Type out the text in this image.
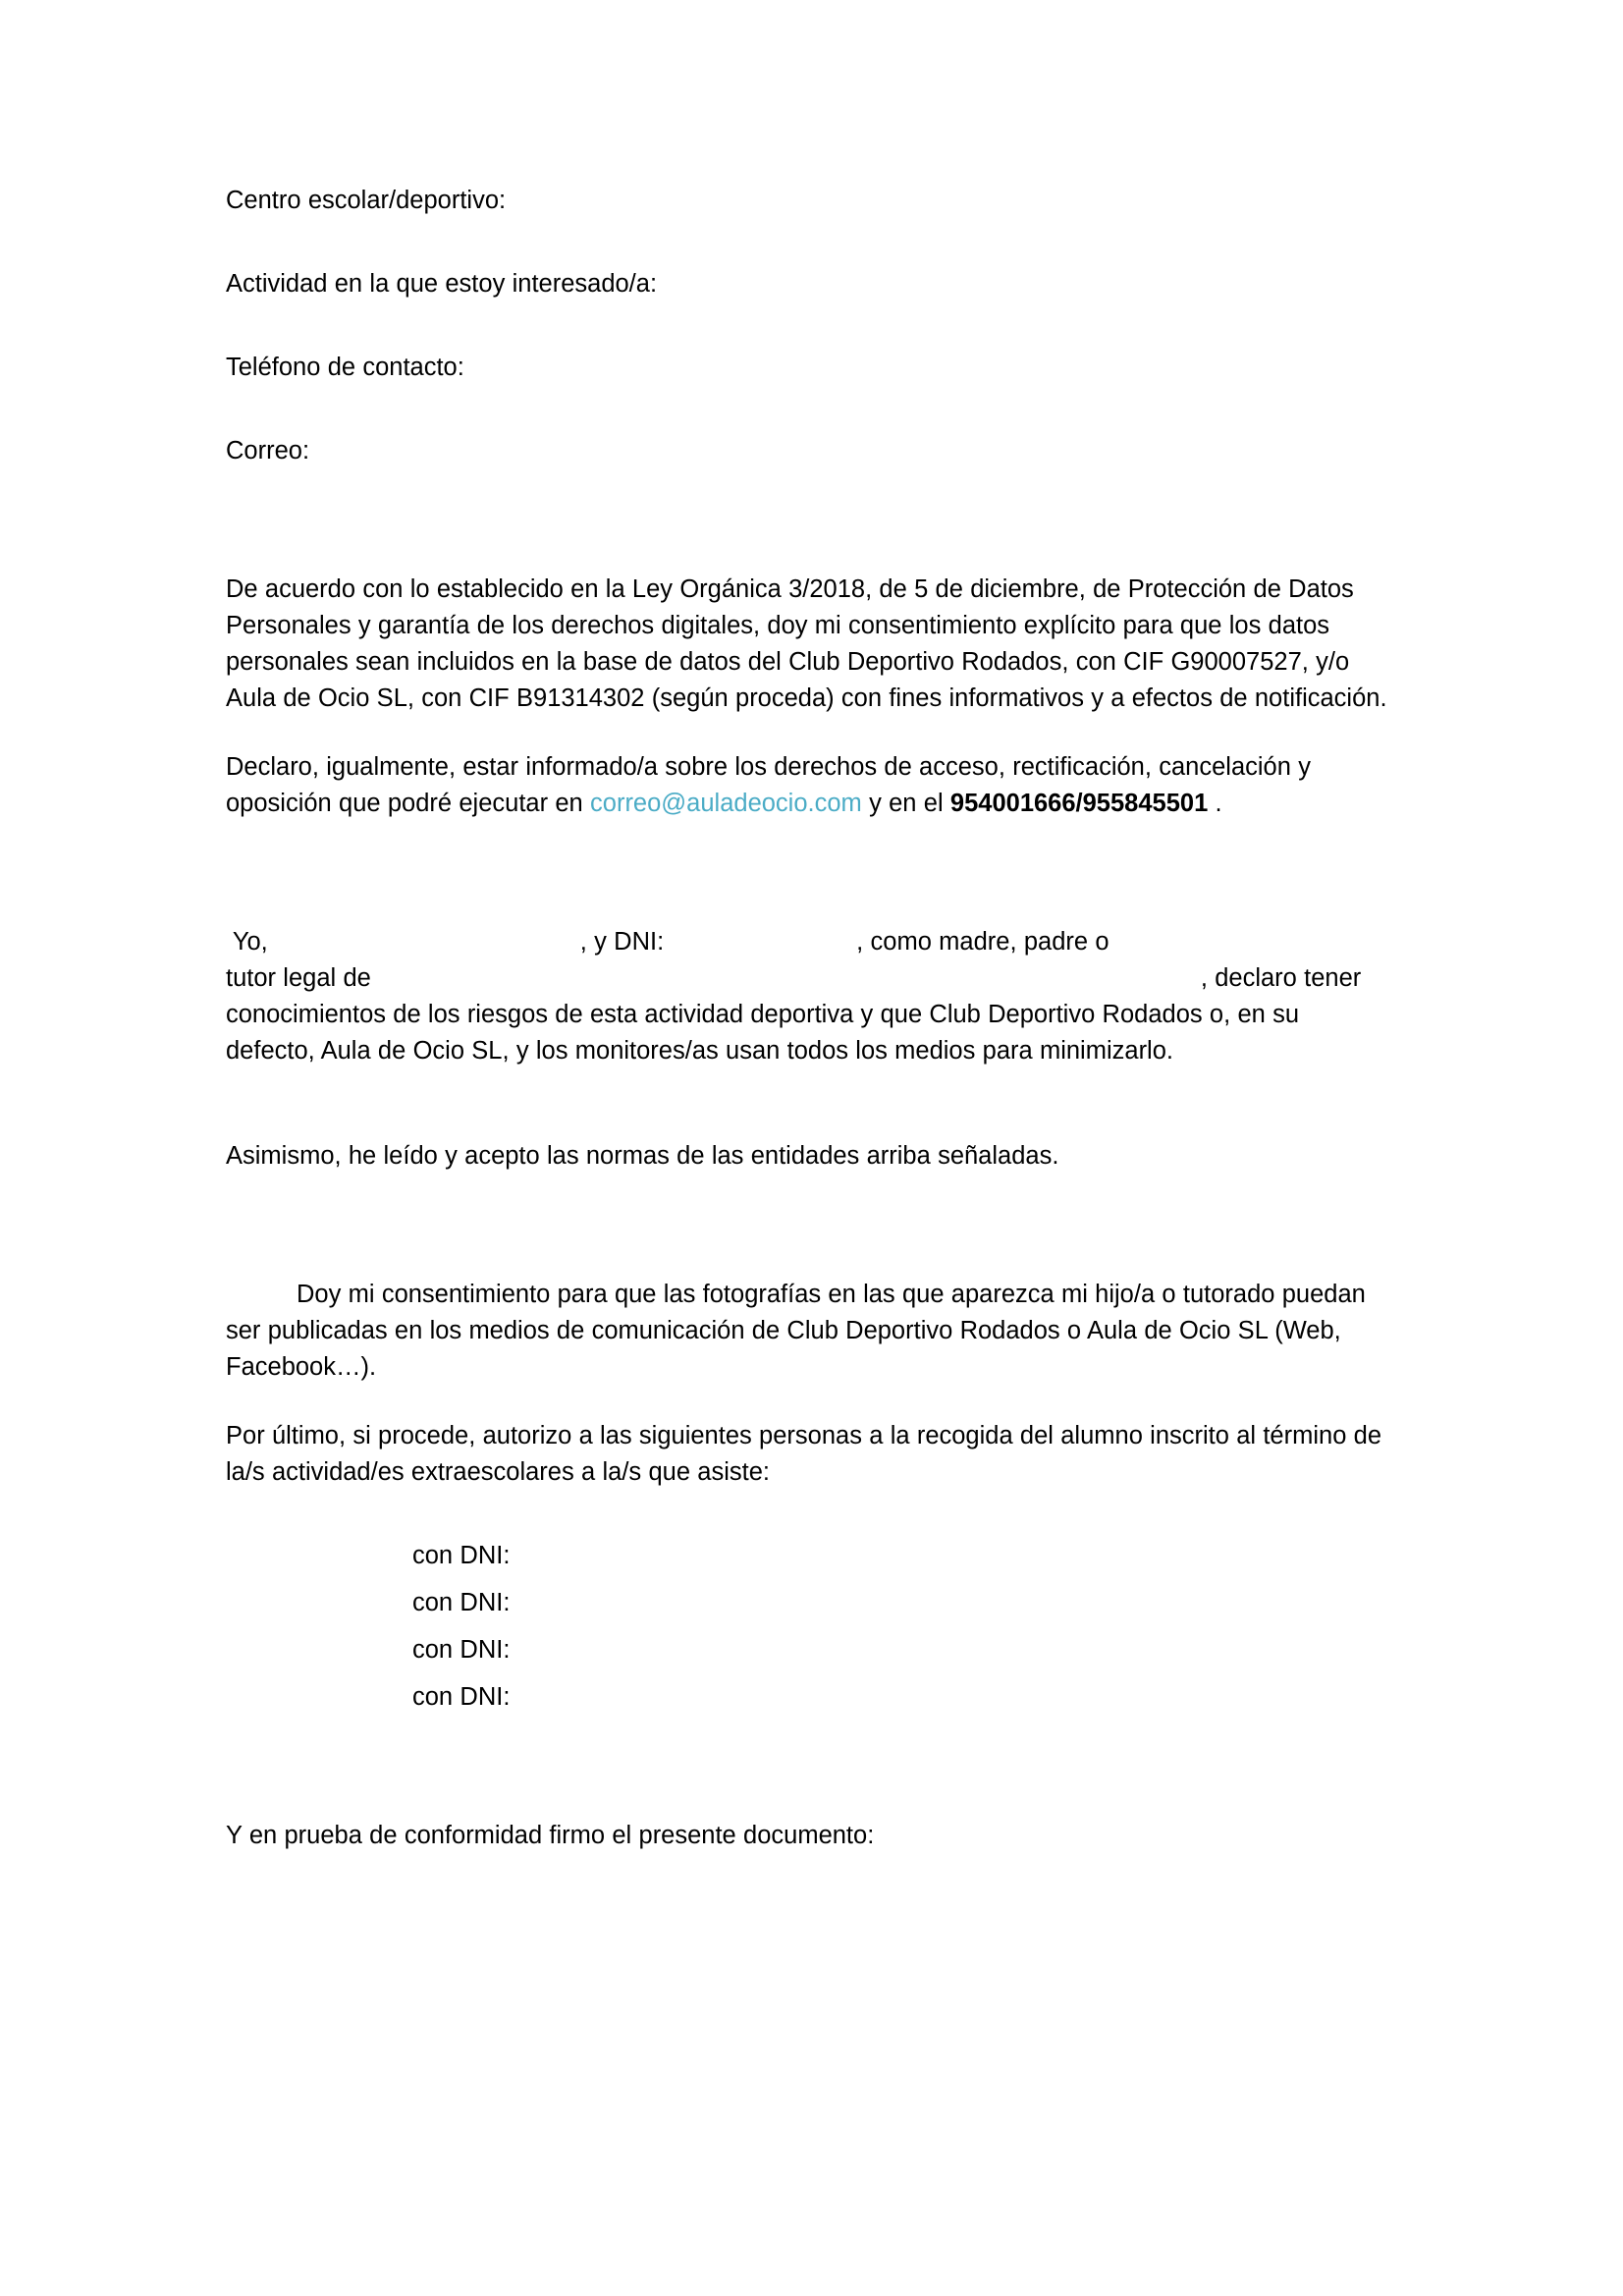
Centro escolar/deportivo:

Actividad en la que estoy interesado/a:

Teléfono de contacto:

Correo:

De acuerdo con lo establecido en la Ley Orgánica 3/2018, de 5 de diciembre, de Protección de Datos Personales y garantía de los derechos digitales, doy mi consentimiento explícito para que los datos personales sean incluidos en la base de datos del Club Deportivo Rodados, con CIF G90007527, y/o Aula de Ocio SL, con CIF B91314302 (según proceda) con fines informativos y a efectos de notificación.

Declaro, igualmente, estar informado/a sobre los derechos de acceso, rectificación, cancelación y oposición que podré ejecutar en correo@auladeocio.com y en el 954001666/955845501 .

Yo,	, y DNI:	, como madre, padre o

tutor legal de	, declaro tener

conocimientos de los riesgos de esta actividad deportiva y que Club Deportivo Rodados o, en su defecto, Aula de Ocio SL, y los monitores/as usan todos los medios para minimizarlo.

Asimismo, he leído y acepto las normas de las entidades arriba señaladas.

Doy mi consentimiento para que las fotografías en las que aparezca mi hijo/a o tutorado puedan ser publicadas en los medios de comunicación de Club Deportivo Rodados o Aula de Ocio SL (Web, Facebook…).

Por último, si procede, autorizo a las siguientes personas a la recogida del alumno inscrito al término de la/s actividad/es extraescolares a la/s que asiste:

con DNI:

con DNI:

con DNI:

con DNI:

Y en prueba de conformidad firmo el presente documento:
